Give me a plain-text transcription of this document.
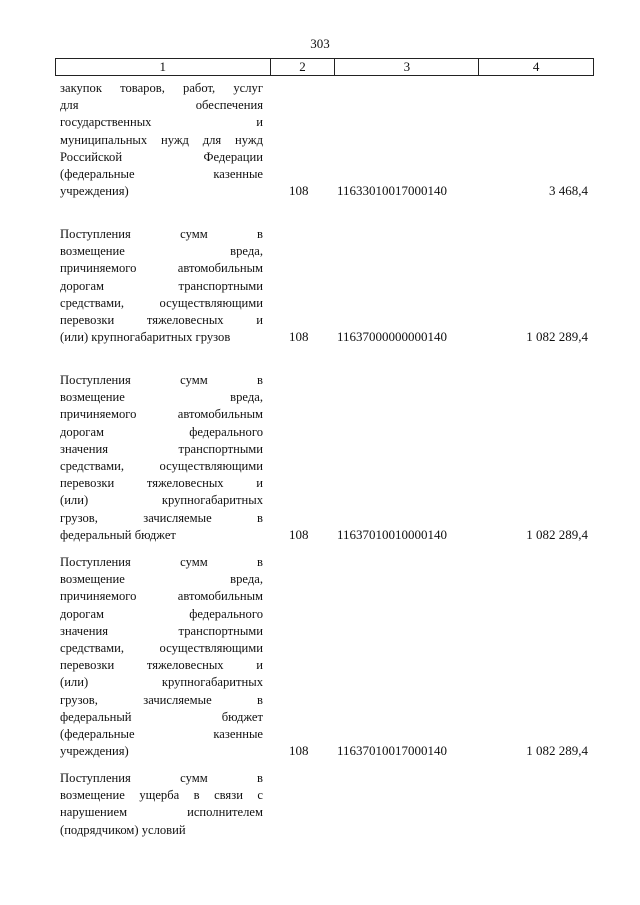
303
1	2	3	4
закупок товаров, работ, услуг
для обеспечения
государственных и
муниципальных нужд для нужд
Российской Федерации
(федеральные казенные
учреждения)	108 11633010017000140	3 468,4
Поступления сумм в
возмещение вреда,
причиняемого автомобильным
дорогам транспортными
средствами, осуществляющими
перевозки тяжеловесных и
(или) крупногабаритных грузов	108 11637000000000140	1 082 289,4
Поступления сумм в
возмещение вреда,
причиняемого автомобильным
дорогам федерального
значения транспортными
средствами, осуществляющими
перевозки тяжеловесных и
(или) крупногабаритных
грузов, зачисляемые в
федеральный бюджет	108 11637010010000140	1 082 289,4
Поступления сумм в
возмещение вреда,
причиняемого автомобильным
дорогам федерального
значения транспортными
средствами, осуществляющими
перевозки тяжеловесных и
(или) крупногабаритных
грузов, зачисляемые в
федеральный бюджет
(федеральные казенные
учреждения)	108 11637010017000140	1 082 289,4
Поступления сумм в
возмещение ущерба в связи с
нарушением исполнителем
(подрядчиком) условий
